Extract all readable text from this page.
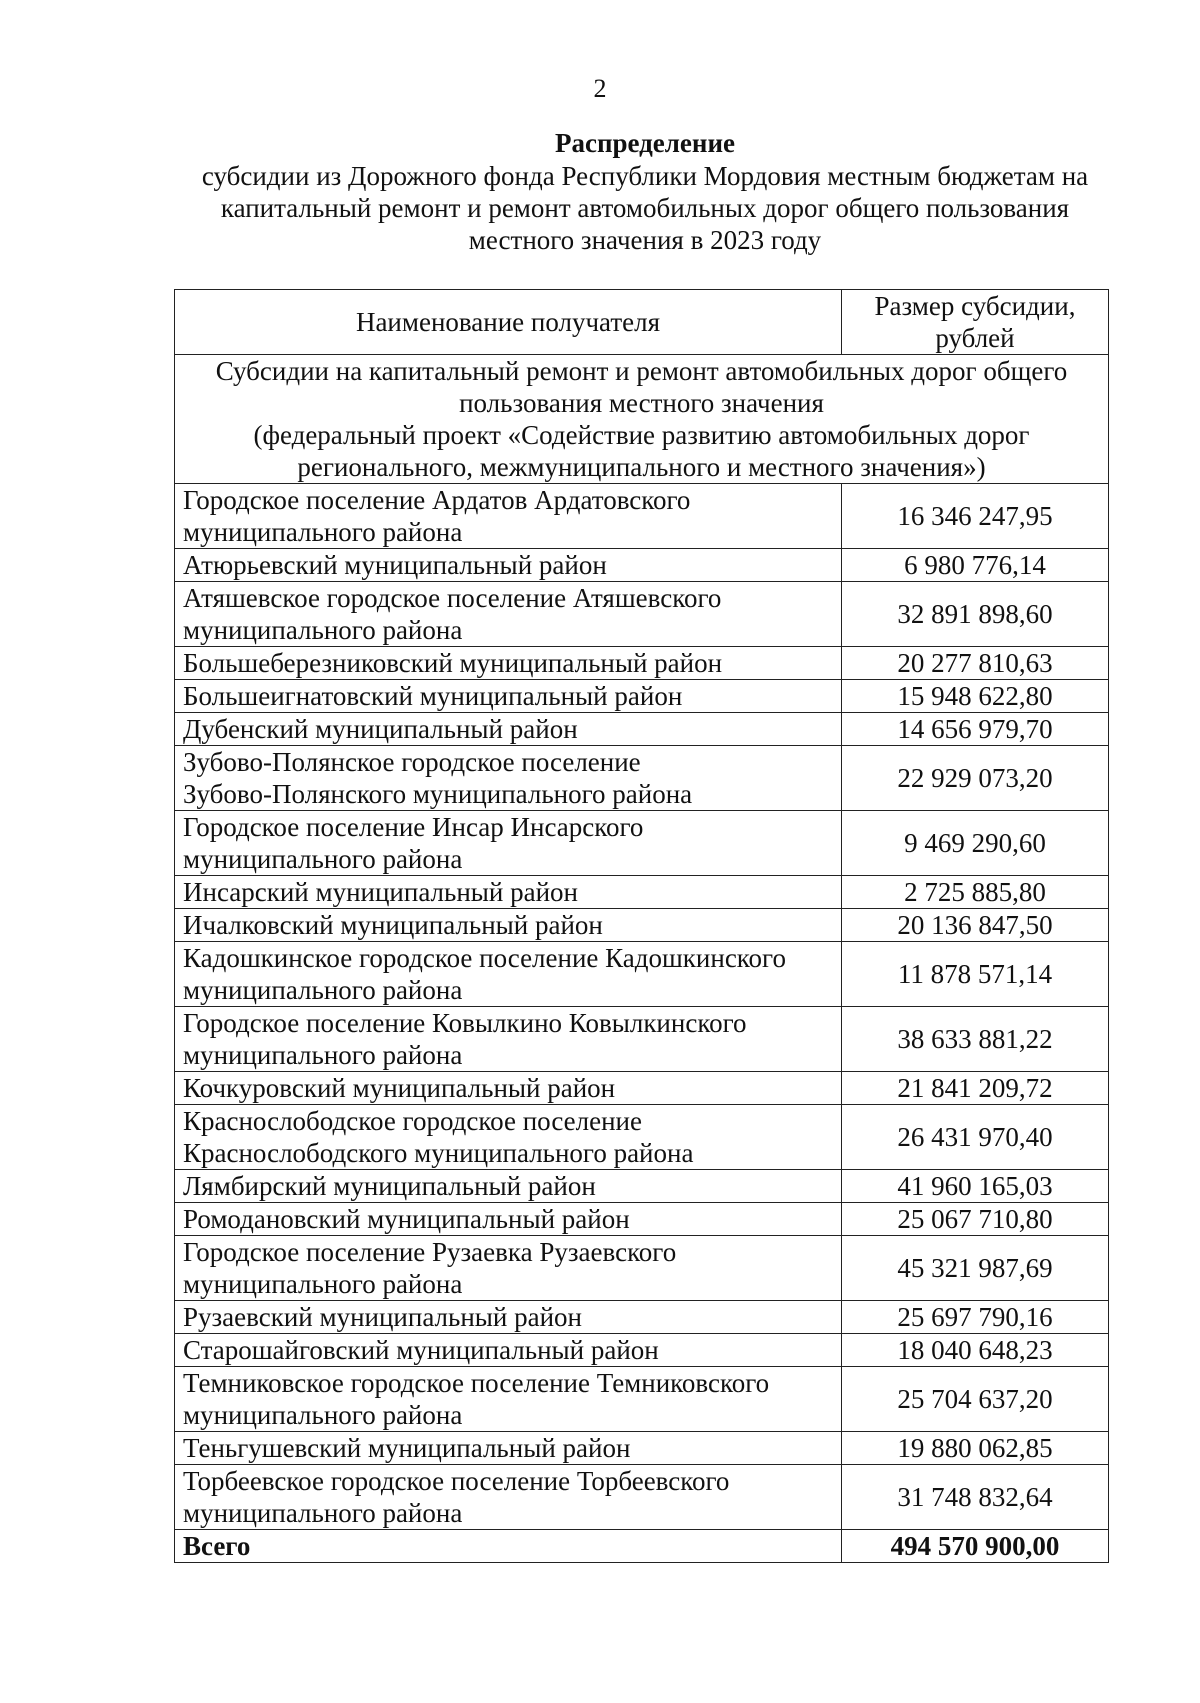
2
Распределение
субсидии из Дорожного фонда Республики Мордовия местным бюджетам на
капитальный ремонт и ремонт автомобильных дорог общего пользования
местного значения в 2023 году
Наименование получателя	Размер субсидии,
рублей

Субсидии на капитальный ремонт и ремонт автомобильных дорог общего
пользования местного значения
(федеральный проект «Содействие развитию автомобильных дорог
регионального, межмуниципального и местного значения»)	

Городское поселение Ардатов Ардатовского
муниципального района	16 346 247,95

Атюрьевский муниципальный район	6 980 776,14

Атяшевское городское поселение Атяшевского
муниципального района	32 891 898,60

Большеберезниковский муниципальный район	20 277 810,63

Большеигнатовский муниципальный район	15 948 622,80

Дубенский муниципальный район	14 656 979,70

Зубово-Полянское городское поселение
Зубово-Полянского муниципального района	22 929 073,20

Городское поселение Инсар Инсарского
муниципального района	9 469 290,60

Инсарский муниципальный район	2 725 885,80

Ичалковский муниципальный район	20 136 847,50

Кадошкинское городское поселение Кадошкинского
муниципального района	11 878 571,14

Городское поселение Ковылкино Ковылкинского
муниципального района	38 633 881,22

Кочкуровский муниципальный район	21 841 209,72

Краснослободское городское поселение
Краснослободского муниципального района	26 431 970,40

Лямбирский муниципальный район	41 960 165,03

Ромодановский муниципальный район	25 067 710,80

Городское поселение Рузаевка Рузаевского
муниципального района	45 321 987,69

Рузаевский муниципальный район	25 697 790,16

Старошайговский муниципальный район	18 040 648,23

Темниковское городское поселение Темниковского
муниципального района	25 704 637,20

Теньгушевский муниципальный район	19 880 062,85

Торбеевское городское поселение Торбеевского
муниципального района	31 748 832,64
Всего	494 570 900,00
